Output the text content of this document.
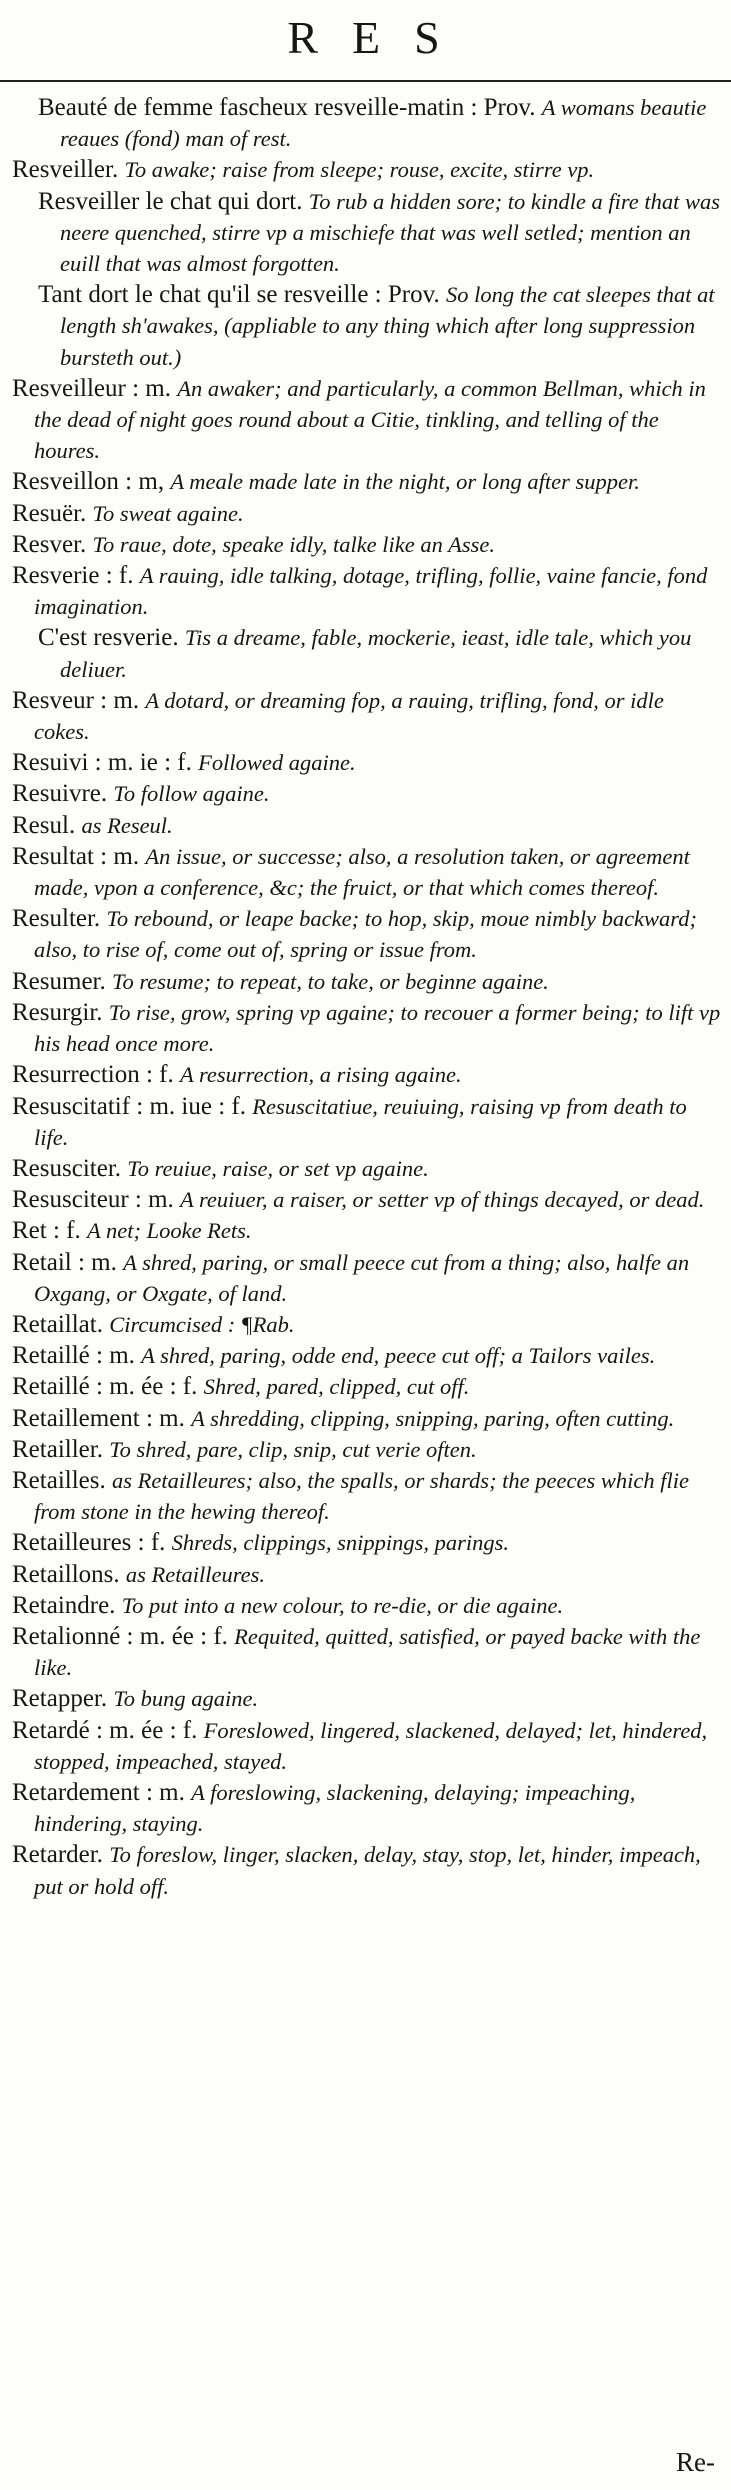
RES

Beauté de femme fascheux resveille-matin : Prov. A womans beautie reaues (fond) man of rest.

Resveiller. To awake; raise from sleepe; rouse, excite, stirre vp.

Resveiller le chat qui dort. To rub a hidden sore; to kindle a fire that was neere quenched, stirre vp a mischiefe that was well setled; mention an euill that was almost forgotten.

Tant dort le chat qu'il se resveille : Prov. So long the cat sleepes that at length sh'awakes, (appliable to any thing which after long suppression bursteth out.)

Resveilleur : m. An awaker; and particularly, a common Bellman, which in the dead of night goes round about a Citie, tinkling, and telling of the houres.

Resveillon : m, A meale made late in the night, or long after supper.

Resuër. To sweat againe.

Resver. To raue, dote, speake idly, talke like an Asse.

Resverie : f. A rauing, idle talking, dotage, trifling, follie, vaine fancie, fond imagination.

C'est resverie. Tis a dreame, fable, mockerie, ieast, idle tale, which you deliuer.

Resveur : m. A dotard, or dreaming fop, a rauing, trifling, fond, or idle cokes.

Resuivi : m. ie : f. Followed againe.

Resuivre. To follow againe.

Resul. as Reseul.

Resultat : m. An issue, or successe; also, a resolution taken, or agreement made, vpon a conference, &c; the fruict, or that which comes thereof.

Resulter. To rebound, or leape backe; to hop, skip, moue nimbly backward; also, to rise of, come out of, spring or issue from.

Resumer. To resume; to repeat, to take, or beginne againe.

Resurgir. To rise, grow, spring vp againe; to recouer a former being; to lift vp his head once more.

Resurrection : f. A resurrection, a rising againe.

Resuscitatif : m. iue : f. Resuscitatiue, reuiuing, raising vp from death to life.

Resusciter. To reuiue, raise, or set vp againe.

Resusciteur : m. A reuiuer, a raiser, or setter vp of things decayed, or dead.

Ret : f. A net; Looke Rets.

Retail : m. A shred, paring, or small peece cut from a thing; also, halfe an Oxgang, or Oxgate, of land.

Retaillat. Circumcised : ¶Rab.

Retaillé : m. A shred, paring, odde end, peece cut off; a Tailors vailes.

Retaillé : m. ée : f. Shred, pared, clipped, cut off.

Retaillement : m. A shredding, clipping, snipping, paring, often cutting.

Retailler. To shred, pare, clip, snip, cut verie often.

Retailles. as Retailleures; also, the spalls, or shards; the peeces which flie from stone in the hewing thereof.

Retailleures : f. Shreds, clippings, snippings, parings.

Retaillons. as Retailleures.

Retaindre. To put into a new colour, to re-die, or die againe.

Retalionné : m. ée : f. Requited, quitted, satisfied, or payed backe with the like.

Retapper. To bung againe.

Retardé : m. ée : f. Foreslowed, lingered, slackened, delayed; let, hindered, stopped, impeached, stayed.

Retardement : m. A foreslowing, slackening, delaying; impeaching, hindering, staying.

Retarder. To foreslow, linger, slacken, delay, stay, stop, let, hinder, impeach, put or hold off.

Re-
